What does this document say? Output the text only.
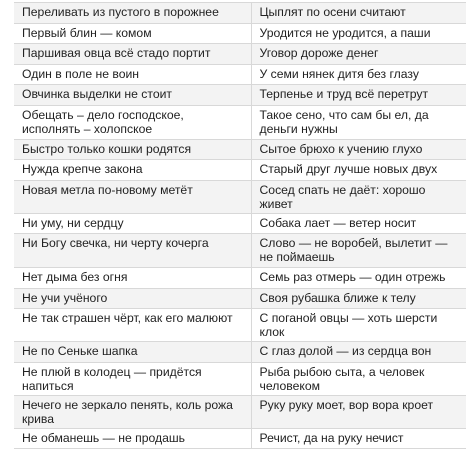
Переливать из пустого в порожнее	Цыплят по осени считают
Первый блин — комом	Уродится не уродится, а паши
Паршивая овца всё стадо портит	Уговор дороже денег
Один в поле не воин	У семи нянек дитя без глазу
Овчинка выделки не стоит	Терпенье и труд всё перетрут
Обещать – дело господское, исполнять – холопское	Такое сено, что сам бы ел, да деньги нужны
Быстро только кошки родятся	Сытое брюхо к учению глухо
Нужда крепче закона	Старый друг лучше новых двух
Новая метла по-новому метёт	Сосед спать не даёт: хорошо живет
Ни уму, ни сердцу	Собака лает — ветер носит
Ни Богу свечка, ни черту кочерга	Слово — не воробей, вылетит — не поймаешь
Нет дыма без огня	Семь раз отмерь — один отрежь
Не учи учёного	Своя рубашка ближе к телу
Не так страшен чёрт, как его малюют	С поганой овцы — хоть шерсти клок
Не по Сеньке шапка	С глаз долой — из сердца вон
Не плюй в колодец — придётся напиться	Рыба рыбою сыта, а человек человеком
Нечего не зеркало пенять, коль рожа крива	Руку руку моет, вор вора кроет
Не обманешь — не продашь	Речист, да на руку нечист
